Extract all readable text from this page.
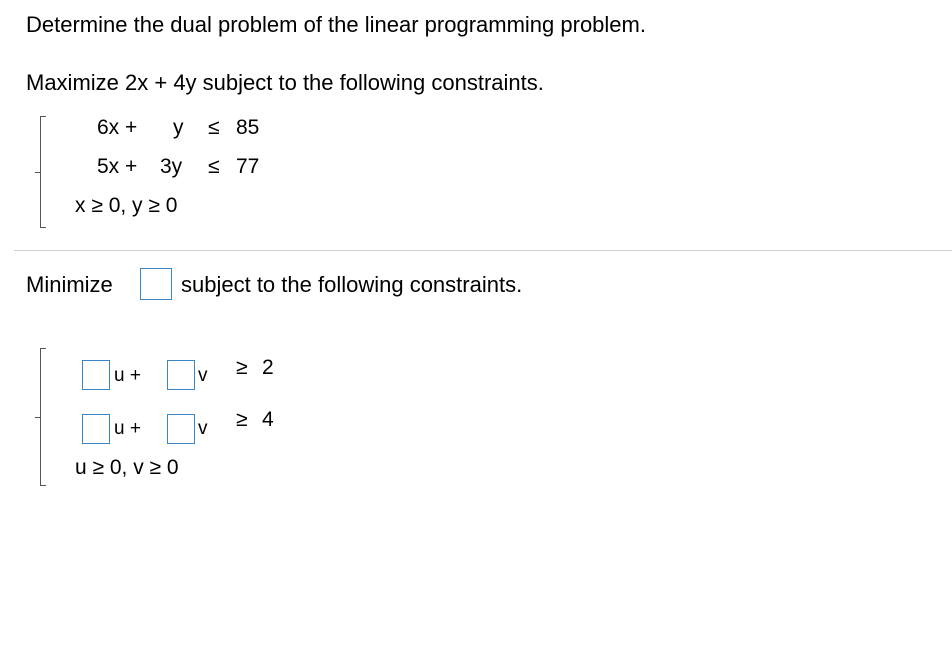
Determine the dual problem of the linear programming problem.
Maximize 2x + 4y subject to the following constraints.
6x + y ≤ 85
5x + 3y ≤ 77
x ≥ 0, y ≥ 0
Minimize	subject to the following constraints.
u +	v ≥ 2
u +	v ≥ 4
u ≥ 0, v ≥ 0
